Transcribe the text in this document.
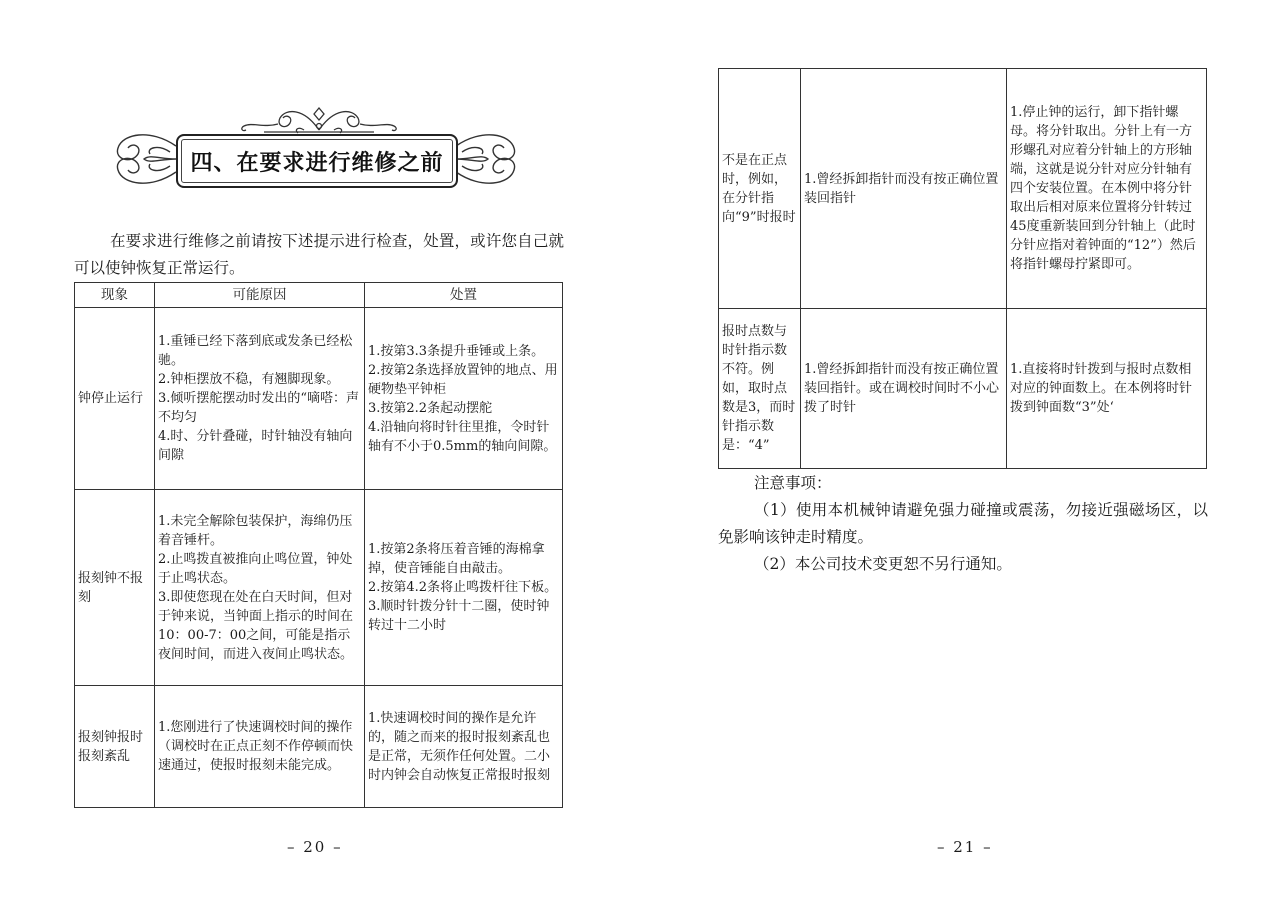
四、在要求进行维修之前
在要求进行维修之前请按下述提示进行检查，处置，或许您自己就可以使钟恢复正常运行。
现象	可能原因	处置
钟停止运行	1.重锤已经下落到底或发条已经松驰。
2.钟柜摆放不稳，有翘脚现象。
3.倾听摆舵摆动时发出的“嘀嗒：声不均匀
4.时、分针叠碰，时针轴没有轴向间隙	1.按第3.3条提升垂锤或上条。
2.按第2条选择放置钟的地点、用硬物垫平钟柜
3.按第2.2条起动摆舵
4.沿轴向将时针往里推，令时针轴有不小于0.5mm的轴向间隙。

报刻钟不报刻	1.未完全解除包装保护，海绵仍压着音锤杆。
2.止鸣拨直被推向止鸣位置，钟处于止鸣状态。
3.即使您现在处在白天时间，但对于钟来说，当钟面上指示的时间在10：00-7：00之间，可能是指示夜间时间，而进入夜间止鸣状态。	1.按第2条将压着音锤的海棉拿掉，使音锤能自由敲击。
2.按第4.2条将止鸣拨杆往下板。
3.顺时针拨分针十二圈，使时钟转过十二小时

报刻钟报时报刻紊乱	1.您刚进行了快速调校时间的操作（调校时在正点正刻不作停顿而快速通过，使报时报刻未能完成。	1.快速调校时间的操作是允许的，随之而来的报时报刻紊乱也是正常，无须作任何处置。二小时内钟会自动恢复正常报时报刻
– 20 –
不是在正点时，例如，在分针指向“9”时报时	1.曾经拆卸指针而没有按正确位置装回指针	1.停止钟的运行，卸下指针螺母。将分针取出。分针上有一方形螺孔对应着分针轴上的方形轴端，这就是说分针对应分针轴有四个安装位置。在本例中将分针取出后相对原来位置将分针转过45度重新装回到分针轴上（此时分针应指对着钟面的“12”）然后将指针螺母拧紧即可。

报时点数与时针指示数不符。例如，取时点数是3，而时针指示数是：“4”	1.曾经拆卸指针而没有按正确位置装回指针。或在调校时间时不小心拨了时针	1.直接将时针拨到与报时点数相对应的钟面数上。在本例将时针拨到钟面数“3”处‘
注意事项：
（1）使用本机械钟请避免强力碰撞或震荡，勿接近强磁场区，以免影响该钟走时精度。
（2）本公司技术变更恕不另行通知。
– 21 –
